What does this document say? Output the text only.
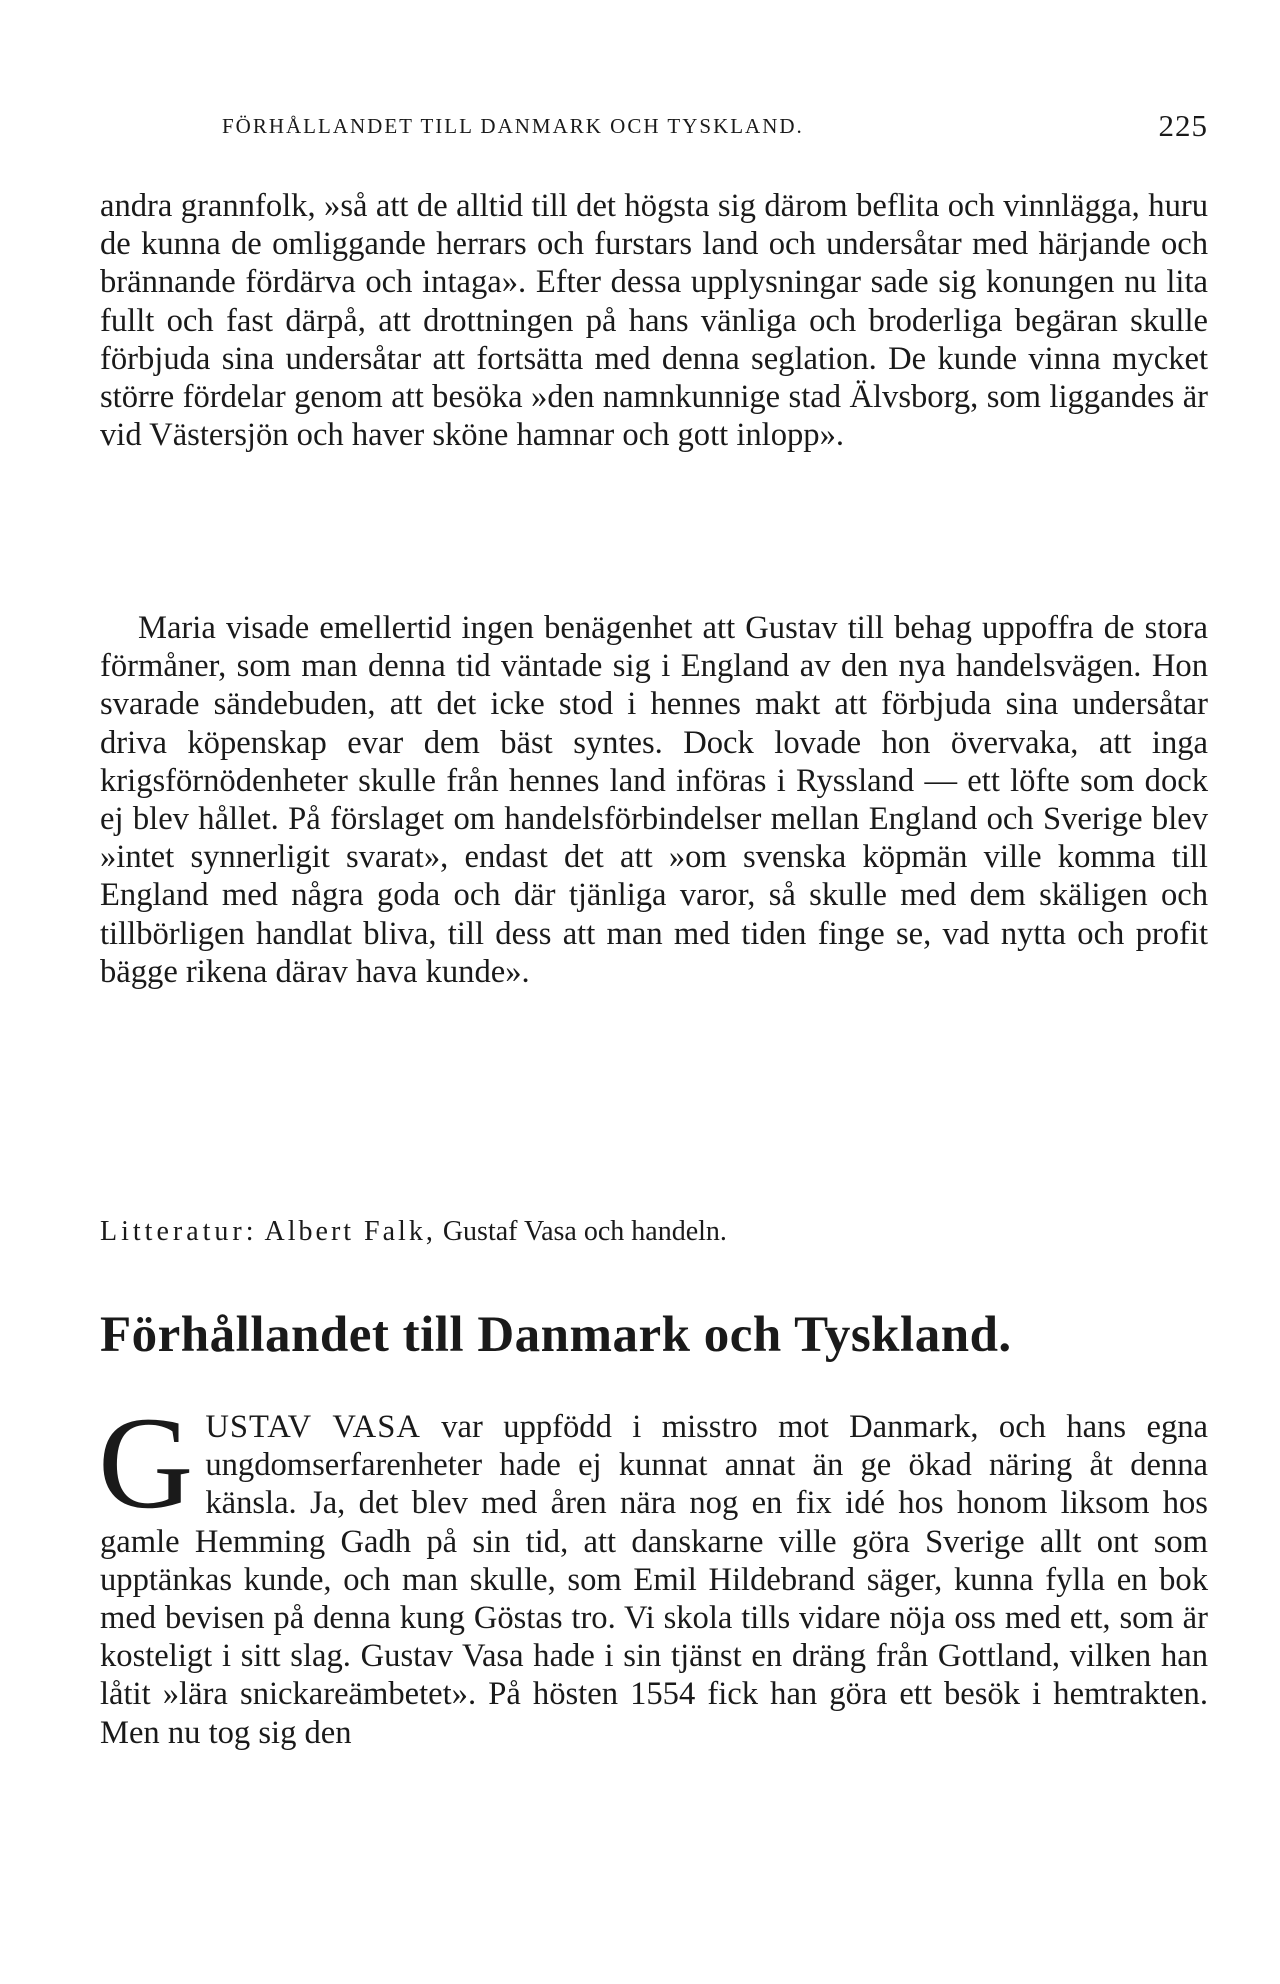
FÖRHÅLLANDET TILL DANMARK OCH TYSKLAND.	225

andra grannfolk, »så att de alltid till det högsta sig därom beflita och vinnlägga, huru de kunna de omliggande herrars och furstars land och undersåtar med härjande och brännande fördärva och intaga». Efter dessa upplysningar sade sig konungen nu lita fullt och fast därpå, att drottningen på hans vänliga och broderliga begäran skulle förbjuda sina undersåtar att fortsätta med denna seglation. De kunde vinna mycket större fördelar genom att besöka »den namnkunnige stad Älvsborg, som liggandes är vid Västersjön och haver sköne hamnar och gott inlopp».

Maria visade emellertid ingen benägenhet att Gustav till behag uppoffra de stora förmåner, som man denna tid väntade sig i England av den nya handelsvägen. Hon svarade sändebuden, att det icke stod i hennes makt att förbjuda sina undersåtar driva köpenskap evar dem bäst syntes. Dock lovade hon övervaka, att inga krigsförnödenheter skulle från hennes land införas i Ryssland — ett löfte som dock ej blev hållet. På förslaget om handelsförbindelser mellan England och Sverige blev »intet synnerligit svarat», endast det att »om svenska köpmän ville komma till England med några goda och där tjänliga varor, så skulle med dem skäligen och tillbörligen handlat bliva, till dess att man med tiden finge se, vad nytta och profit bägge rikena därav hava kunde».

Litteratur: Albert Falk, Gustaf Vasa och handeln.
Förhållandet till Danmark och Tyskland.

GUSTAV VASA var uppfödd i misstro mot Danmark, och hans egna ungdomserfarenheter hade ej kunnat annat än ge ökad näring åt denna känsla. Ja, det blev med åren nära nog en fix idé hos honom liksom hos gamle Hemming Gadh på sin tid, att danskarne ville göra Sverige allt ont som upptänkas kunde, och man skulle, som Emil Hildebrand säger, kunna fylla en bok med bevisen på denna kung Göstas tro. Vi skola tills vidare nöja oss med ett, som är kosteligt i sitt slag. Gustav Vasa hade i sin tjänst en dräng från Gottland, vilken han låtit »lära snickareämbetet». På hösten 1554 fick han göra ett besök i hemtrakten. Men nu tog sig den
